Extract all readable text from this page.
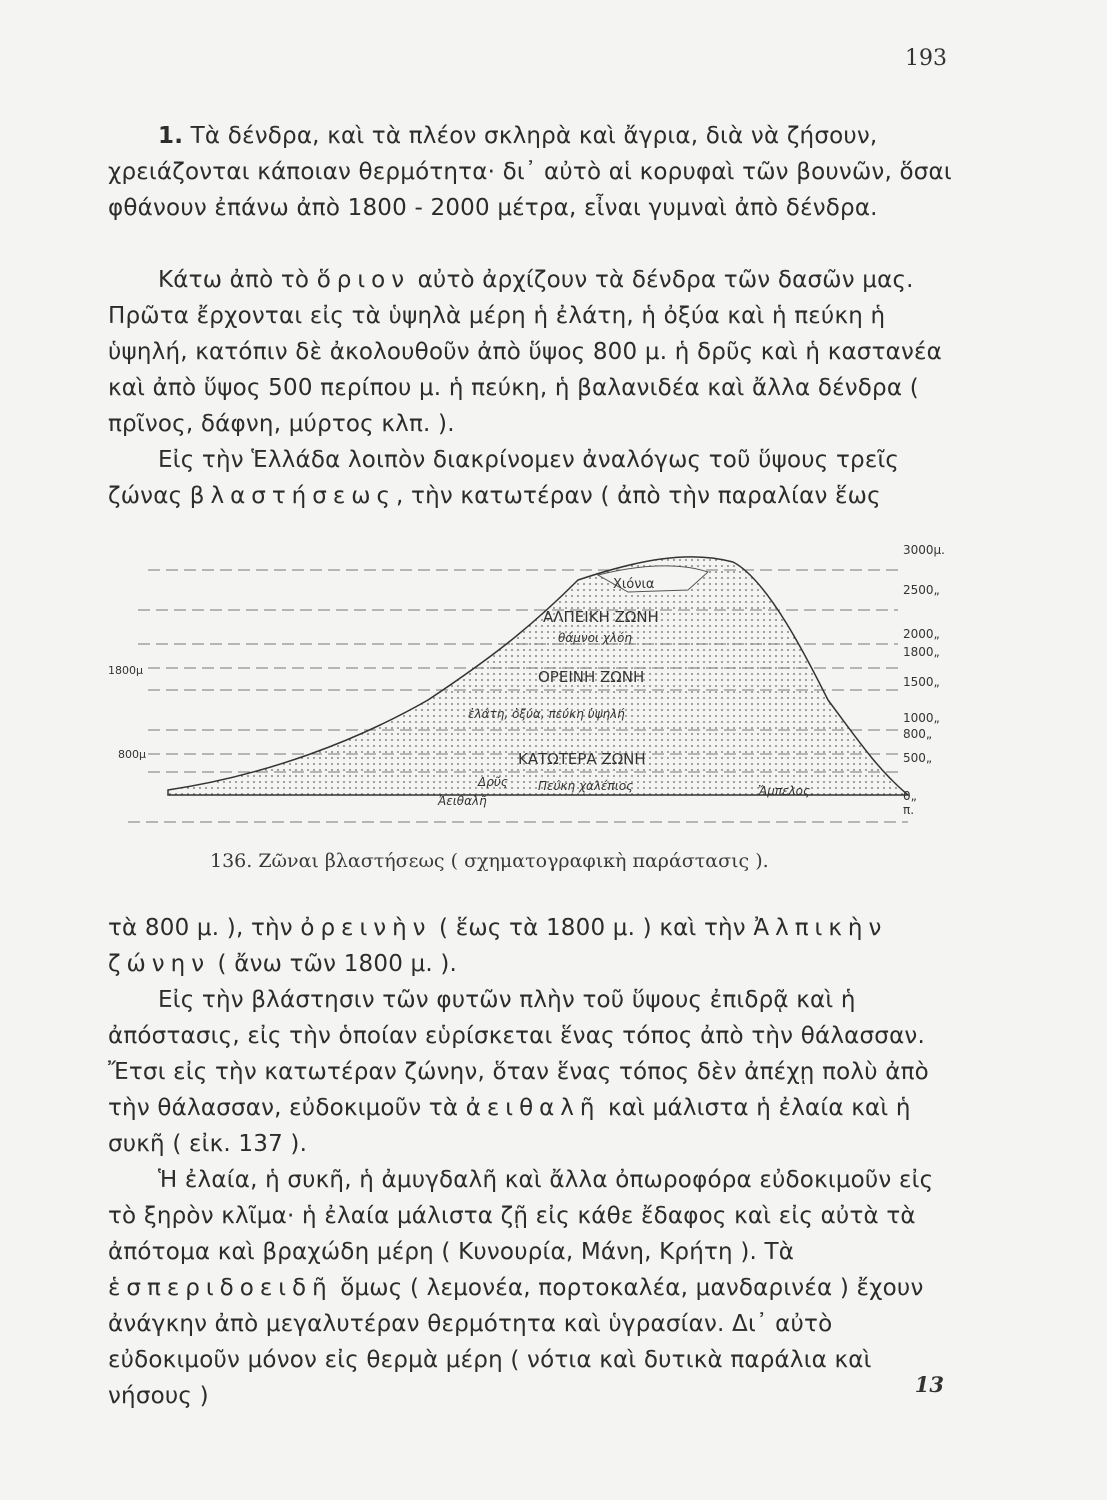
193
1. Τὰ δένδρα, καὶ τὰ πλέον σκληρὰ καὶ ἄγρια, διὰ νὰ ζήσουν, χρειάζονται κάποιαν θερμότητα· δι᾽ αὐτὸ αἱ κορυφαὶ τῶν βουνῶν, ὅσαι φθάνουν ἐπάνω ἀπὸ 1800 - 2000 μέτρα, εἶναι γυμναὶ ἀπὸ δένδρα.
Κάτω ἀπὸ τὸ ὅριον αὐτὸ ἀρχίζουν τὰ δένδρα τῶν δασῶν μας. Πρῶτα ἔρχονται εἰς τὰ ὑψηλὰ μέρη ἡ ἐλάτη, ἡ ὀξύα καὶ ἡ πεύκη ἡ ὑψηλή, κατόπιν δὲ ἀκολουθοῦν ἀπὸ ὕψος 800 μ. ἡ δρῦς καὶ ἡ καστανέα καὶ ἀπὸ ὕψος 500 περίπου μ. ἡ πεύκη, ἡ βαλανιδέα καὶ ἄλλα δένδρα ( πρῖνος, δάφνη, μύρτος κλπ. ).
Εἰς τὴν Ἑλλάδα λοιπὸν διακρίνομεν ἀναλόγως τοῦ ὕψους τρεῖς ζώνας βλαστήσεως, τὴν κατωτέραν ( ἀπὸ τὴν παραλίαν ἕως
3000μ.
2500„
2000„
1800„
1500„
1000„
800„
500„
0„
π.
1800μ
800μ
Χιόνια
ΑΛΠΕΙΚΗ ΖΩΝΗ
θάμνοι χλόη
ΟΡΕΙΝΗ ΖΩΝΗ
ἐλάτη, ὀξύα, πεύκη ὑψηλή
ΚΑΤΩΤΕΡΑ ΖΩΝΗ
Δρῦς
Ἀειθαλῆ
Πεύκη χαλέπιος	Ἄμπελος.
136. Ζῶναι βλαστήσεως ( σχηματογραφικὴ παράστασις ).
τὰ 800 μ. ), τὴν ὀρεινὴν ( ἕως τὰ 1800 μ. ) καὶ τὴν Ἀλπικὴν ζώνην ( ἄνω τῶν 1800 μ. ).
Εἰς τὴν βλάστησιν τῶν φυτῶν πλὴν τοῦ ὕψους ἐπιδρᾷ καὶ ἡ ἀπόστασις, εἰς τὴν ὁποίαν εὑρίσκεται ἕνας τόπος ἀπὸ τὴν θάλασσαν. Ἔτσι εἰς τὴν κατωτέραν ζώνην, ὅταν ἕνας τόπος δὲν ἀπέχῃ πολὺ ἀπὸ τὴν θάλασσαν, εὐδοκιμοῦν τὰ ἀειθαλῆ καὶ μάλιστα ἡ ἐλαία καὶ ἡ συκῆ ( εἰκ. 137 ).
Ἡ ἐλαία, ἡ συκῆ, ἡ ἀμυγδαλῆ καὶ ἄλλα ὀπωροφόρα εὐδοκιμοῦν εἰς τὸ ξηρὸν κλῖμα· ἡ ἐλαία μάλιστα ζῇ εἰς κάθε ἔδαφος καὶ εἰς αὐτὰ τὰ ἀπότομα καὶ βραχώδη μέρη ( Κυνουρία, Μάνη, Κρήτη ). Τὰ ἑσπεριδοειδῆ ὅμως ( λεμονέα, πορτοκαλέα, μανδαρινέα ) ἔχουν ἀνάγκην ἀπὸ μεγαλυτέραν θερμότητα καὶ ὑγρασίαν. Δι᾽ αὐτὸ εὐδοκιμοῦν μόνον εἰς θερμὰ μέρη ( νότια καὶ δυτικὰ παράλια καὶ νήσους )	13
